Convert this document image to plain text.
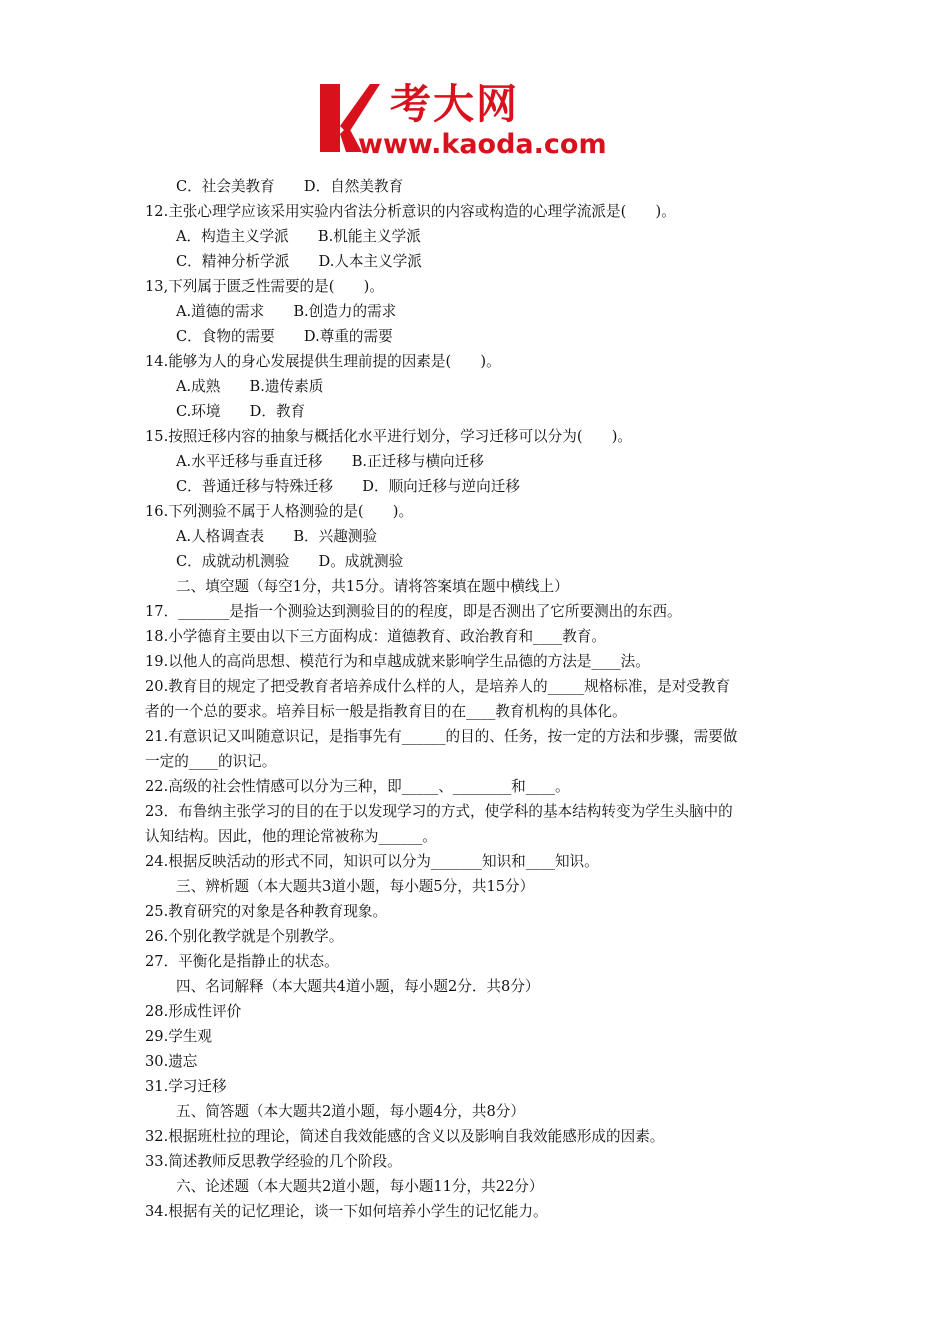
考大网
www.kaoda.com
C．社会美教育　　D．自然美教育
12.主张心理学应该采用实验内省法分析意识的内容或构造的心理学流派是(　　)。
A．构造主义学派　　B.机能主义学派
C．精神分析学派　　D.人本主义学派
13,下列属于匮乏性需要的是(　　)。
A.道德的需求　　B.创造力的需求
C．食物的需要　　D.尊重的需要
14.能够为人的身心发展提供生理前提的因素是(　　)。
A.成熟　　B.遗传素质
C.环境　　D．教育
15.按照迁移内容的抽象与概括化水平进行划分，学习迁移可以分为(　　)。
A.水平迁移与垂直迁移　　B.正迁移与横向迁移
C．普通迁移与特殊迁移　　D．顺向迁移与逆向迁移
16.下列测验不属于人格测验的是(　　)。
A.人格调查表　　B．兴趣测验
C．成就动机测验　　D。成就测验
二、填空题（每空1分，共15分。请将答案填在题中横线上）
17．_______是指一个测验达到测验目的的程度，即是否测出了它所要测出的东西。
18.小学德育主要由以下三方面构成：道德教育、政治教育和____教育。
19.以他人的高尚思想、模范行为和卓越成就来影响学生品德的方法是____法。
20.教育目的规定了把受教育者培养成什么样的人，是培养人的_____规格标准，是对受教育
者的一个总的要求。培养目标一般是指教育目的在____教育机构的具体化。
21.有意识记又叫随意识记，是指事先有______的目的、任务，按一定的方法和步骤，需要做
一定的____的识记。
22.高级的社会性情感可以分为三种，即_____、________和____。
23．布鲁纳主张学习的目的在于以发现学习的方式，使学科的基本结构转变为学生头脑中的
认知结构。因此，他的理论常被称为______。
24.根据反映活动的形式不同，知识可以分为_______知识和____知识。
三、辨析题（本大题共3道小题，每小题5分，共15分）
25.教育研究的对象是各种教育现象。
26.个别化教学就是个别教学。
27．平衡化是指静止的状态。
四、名词解释（本大题共4道小题，每小题2分．共8分）
28.形成性评价
29.学生观
30.遗忘
31.学习迁移
五、简答题（本大题共2道小题，每小题4分，共8分）
32.根据班杜拉的理论，简述自我效能感的含义以及影响自我效能感形成的因素。
33.简述教师反思教学经验的几个阶段。
六、论述题（本大题共2道小题，每小题11分，共22分）
34.根据有关的记忆理论，谈一下如何培养小学生的记忆能力。
